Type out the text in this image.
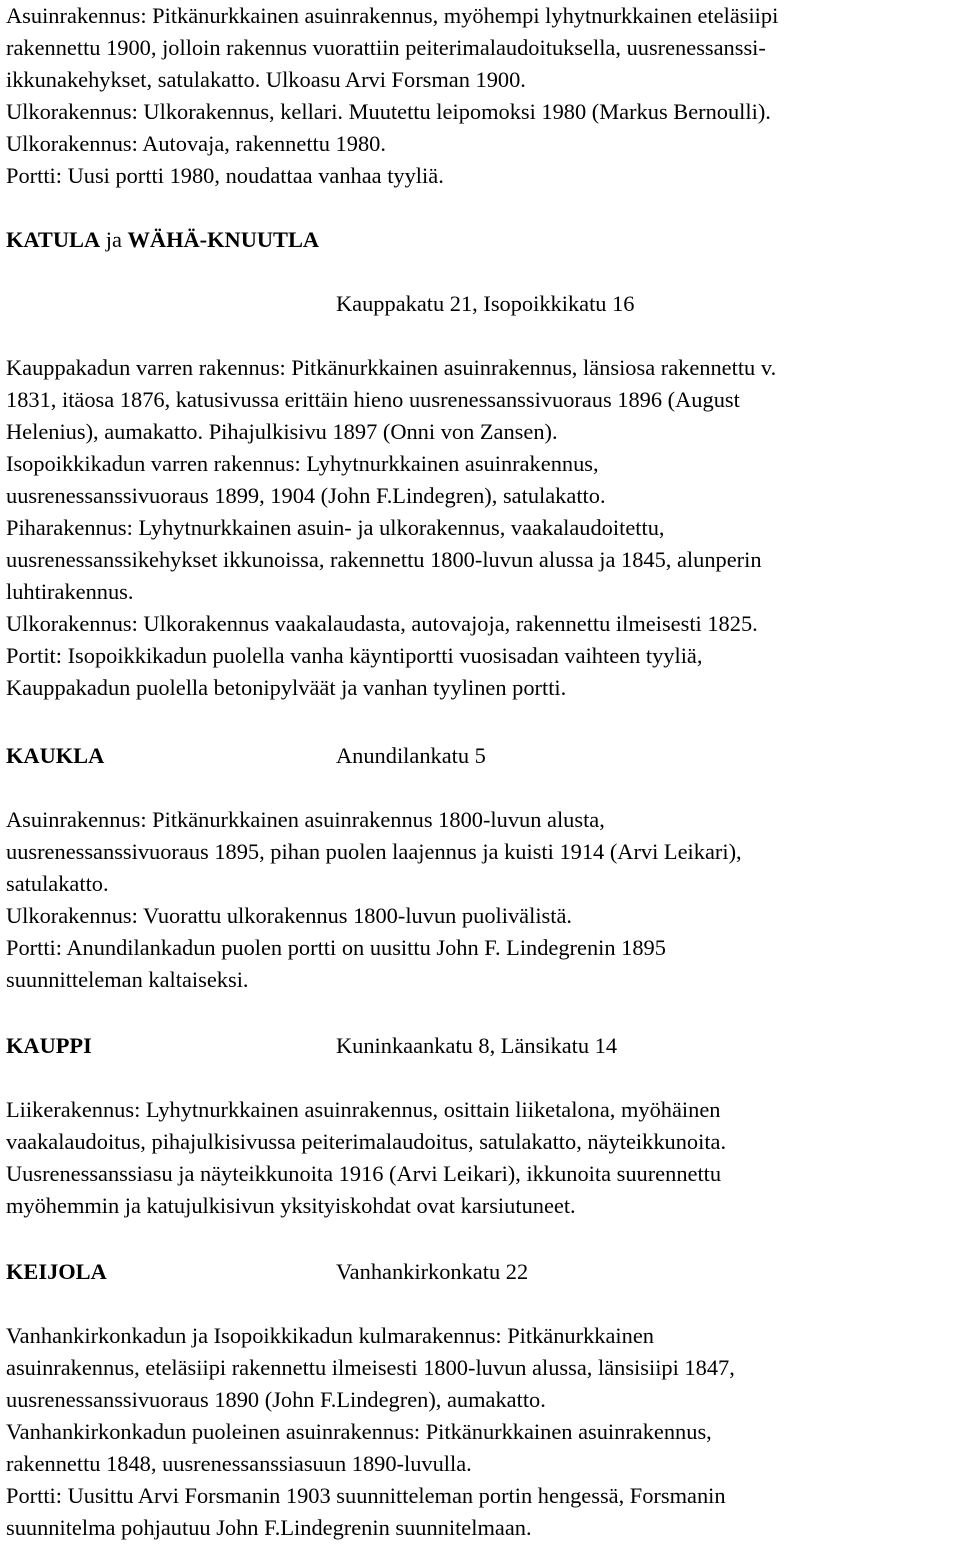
Asuinrakennus: Pitkänurkkainen asuinrakennus, myöhempi lyhytnurkkainen eteläsiipi
rakennettu 1900, jolloin rakennus vuorattiin peiterimalaudoituksella, uusrenessanssi-
ikkunakehykset, satulakatto. Ulkoasu Arvi Forsman 1900.
Ulkorakennus: Ulkorakennus, kellari. Muutettu leipomoksi 1980 (Markus Bernoulli).
Ulkorakennus: Autovaja, rakennettu 1980.
Portti: Uusi portti 1980, noudattaa vanhaa tyyliä.
KATULA ja WÄHÄ-KNUUTLA
Kauppakatu 21, Isopoikkikatu 16
Kauppakadun varren rakennus: Pitkänurkkainen asuinrakennus, länsiosa rakennettu v.
1831, itäosa 1876, katusivussa erittäin hieno uusrenessanssivuoraus 1896 (August
Helenius), aumakatto. Pihajulkisivu 1897 (Onni von Zansen).
Isopoikkikadun varren rakennus: Lyhytnurkkainen asuinrakennus,
uusrenessanssivuoraus 1899, 1904 (John F.Lindegren), satulakatto.
Piharakennus: Lyhytnurkkainen asuin- ja ulkorakennus, vaakalaudoitettu,
uusrenessanssikehykset ikkunoissa, rakennettu 1800-luvun alussa ja 1845, alunperin
luhtirakennus.
Ulkorakennus: Ulkorakennus vaakalaudasta, autovajoja, rakennettu ilmeisesti 1825.
Portit: Isopoikkikadun puolella vanha käyntiportti vuosisadan vaihteen tyyliä,
Kauppakadun puolella betonipylväät ja vanhan tyylinen portti.
KAUKLA	Anundilankatu 5
Asuinrakennus: Pitkänurkkainen asuinrakennus 1800-luvun alusta,
uusrenessanssivuoraus 1895, pihan puolen laajennus ja kuisti 1914 (Arvi Leikari),
satulakatto.
Ulkorakennus: Vuorattu ulkorakennus 1800-luvun puolivälistä.
Portti: Anundilankadun puolen portti on uusittu John F. Lindegrenin 1895
suunnitteleman kaltaiseksi.
KAUPPI	Kuninkaankatu 8, Länsikatu 14
Liikerakennus: Lyhytnurkkainen asuinrakennus, osittain liiketalona, myöhäinen
vaakalaudoitus, pihajulkisivussa peiterimalaudoitus, satulakatto, näyteikkunoita.
Uusrenessanssiasu ja näyteikkunoita 1916 (Arvi Leikari), ikkunoita suurennettu
myöhemmin ja katujulkisivun yksityiskohdat ovat karsiutuneet.
KEIJOLA	Vanhankirkonkatu 22
Vanhankirkonkadun ja Isopoikkikadun kulmarakennus: Pitkänurkkainen
asuinrakennus, eteläsiipi rakennettu ilmeisesti 1800-luvun alussa, länsisiipi 1847,
uusrenessanssivuoraus 1890 (John F.Lindegren), aumakatto.
Vanhankirkonkadun puoleinen asuinrakennus: Pitkänurkkainen asuinrakennus,
rakennettu 1848, uusrenessanssiasuun 1890-luvulla.
Portti: Uusittu Arvi Forsmanin 1903 suunnitteleman portin hengessä, Forsmanin
suunnitelma pohjautuu John F.Lindegrenin suunnitelmaan.
